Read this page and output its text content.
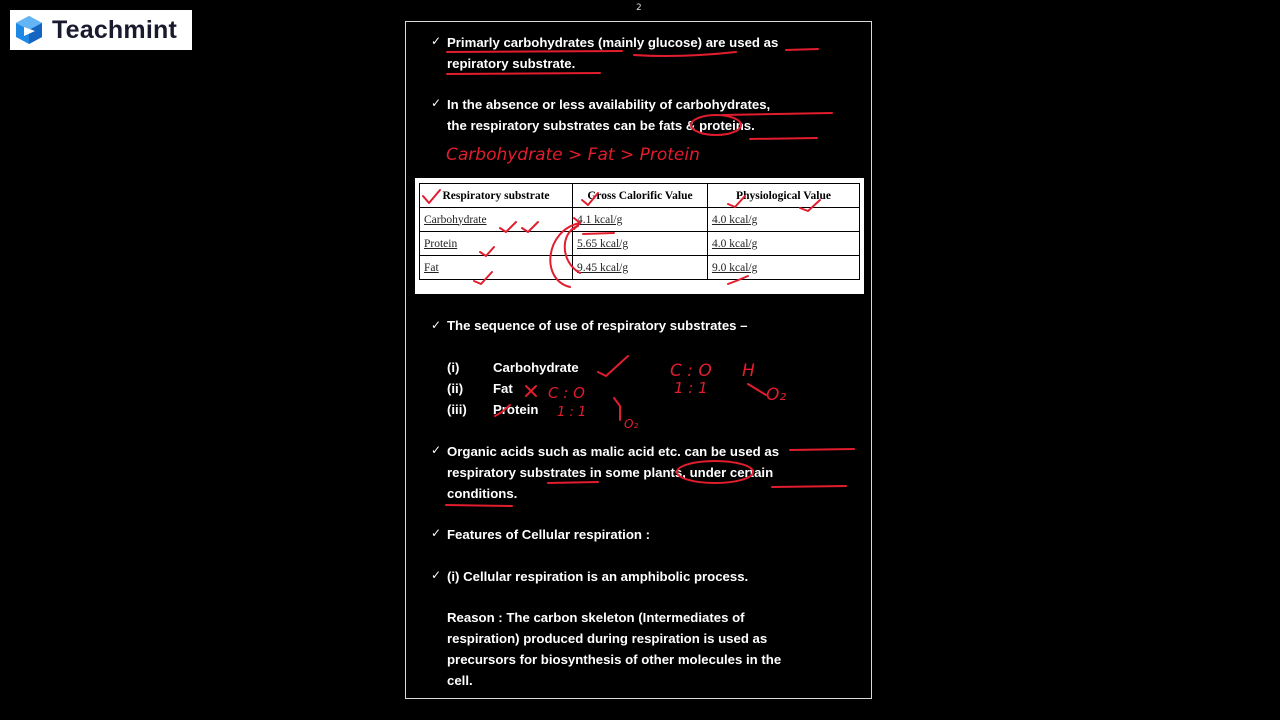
Teachmint
2
✓ Primarly carbohydrates (mainly glucose) are used as
repiratory substrate.
✓ In the absence or less availability of carbohydrates,
the respiratory substrates can be fats & proteins.
Respiratory substrate	Gross Calorific Value	Physiological Value
Carbohydrate	4.1 kcal/g	4.0 kcal/g
Protein	5.65 kcal/g	4.0 kcal/g
Fat	9.45 kcal/g	9.0 kcal/g
✓ The sequence of use of respiratory substrates –
(i)	Carbohydrate
(ii) Fat
(iii) Protein
✓ Organic acids such as malic acid etc. can be used as
respiratory substrates in some plants, under certain
conditions.
✓ Features of Cellular respiration :
✓ (i) Cellular respiration is an amphibolic process.
Reason : The carbon skeleton (Intermediates of
respiration) produced during respiration is used as
precursors for biosynthesis of other molecules in the
cell.
Carbohydrate > Fat > Protein
C : O
1 : 1
O₂
C : O
1 : 1
H
O₂
